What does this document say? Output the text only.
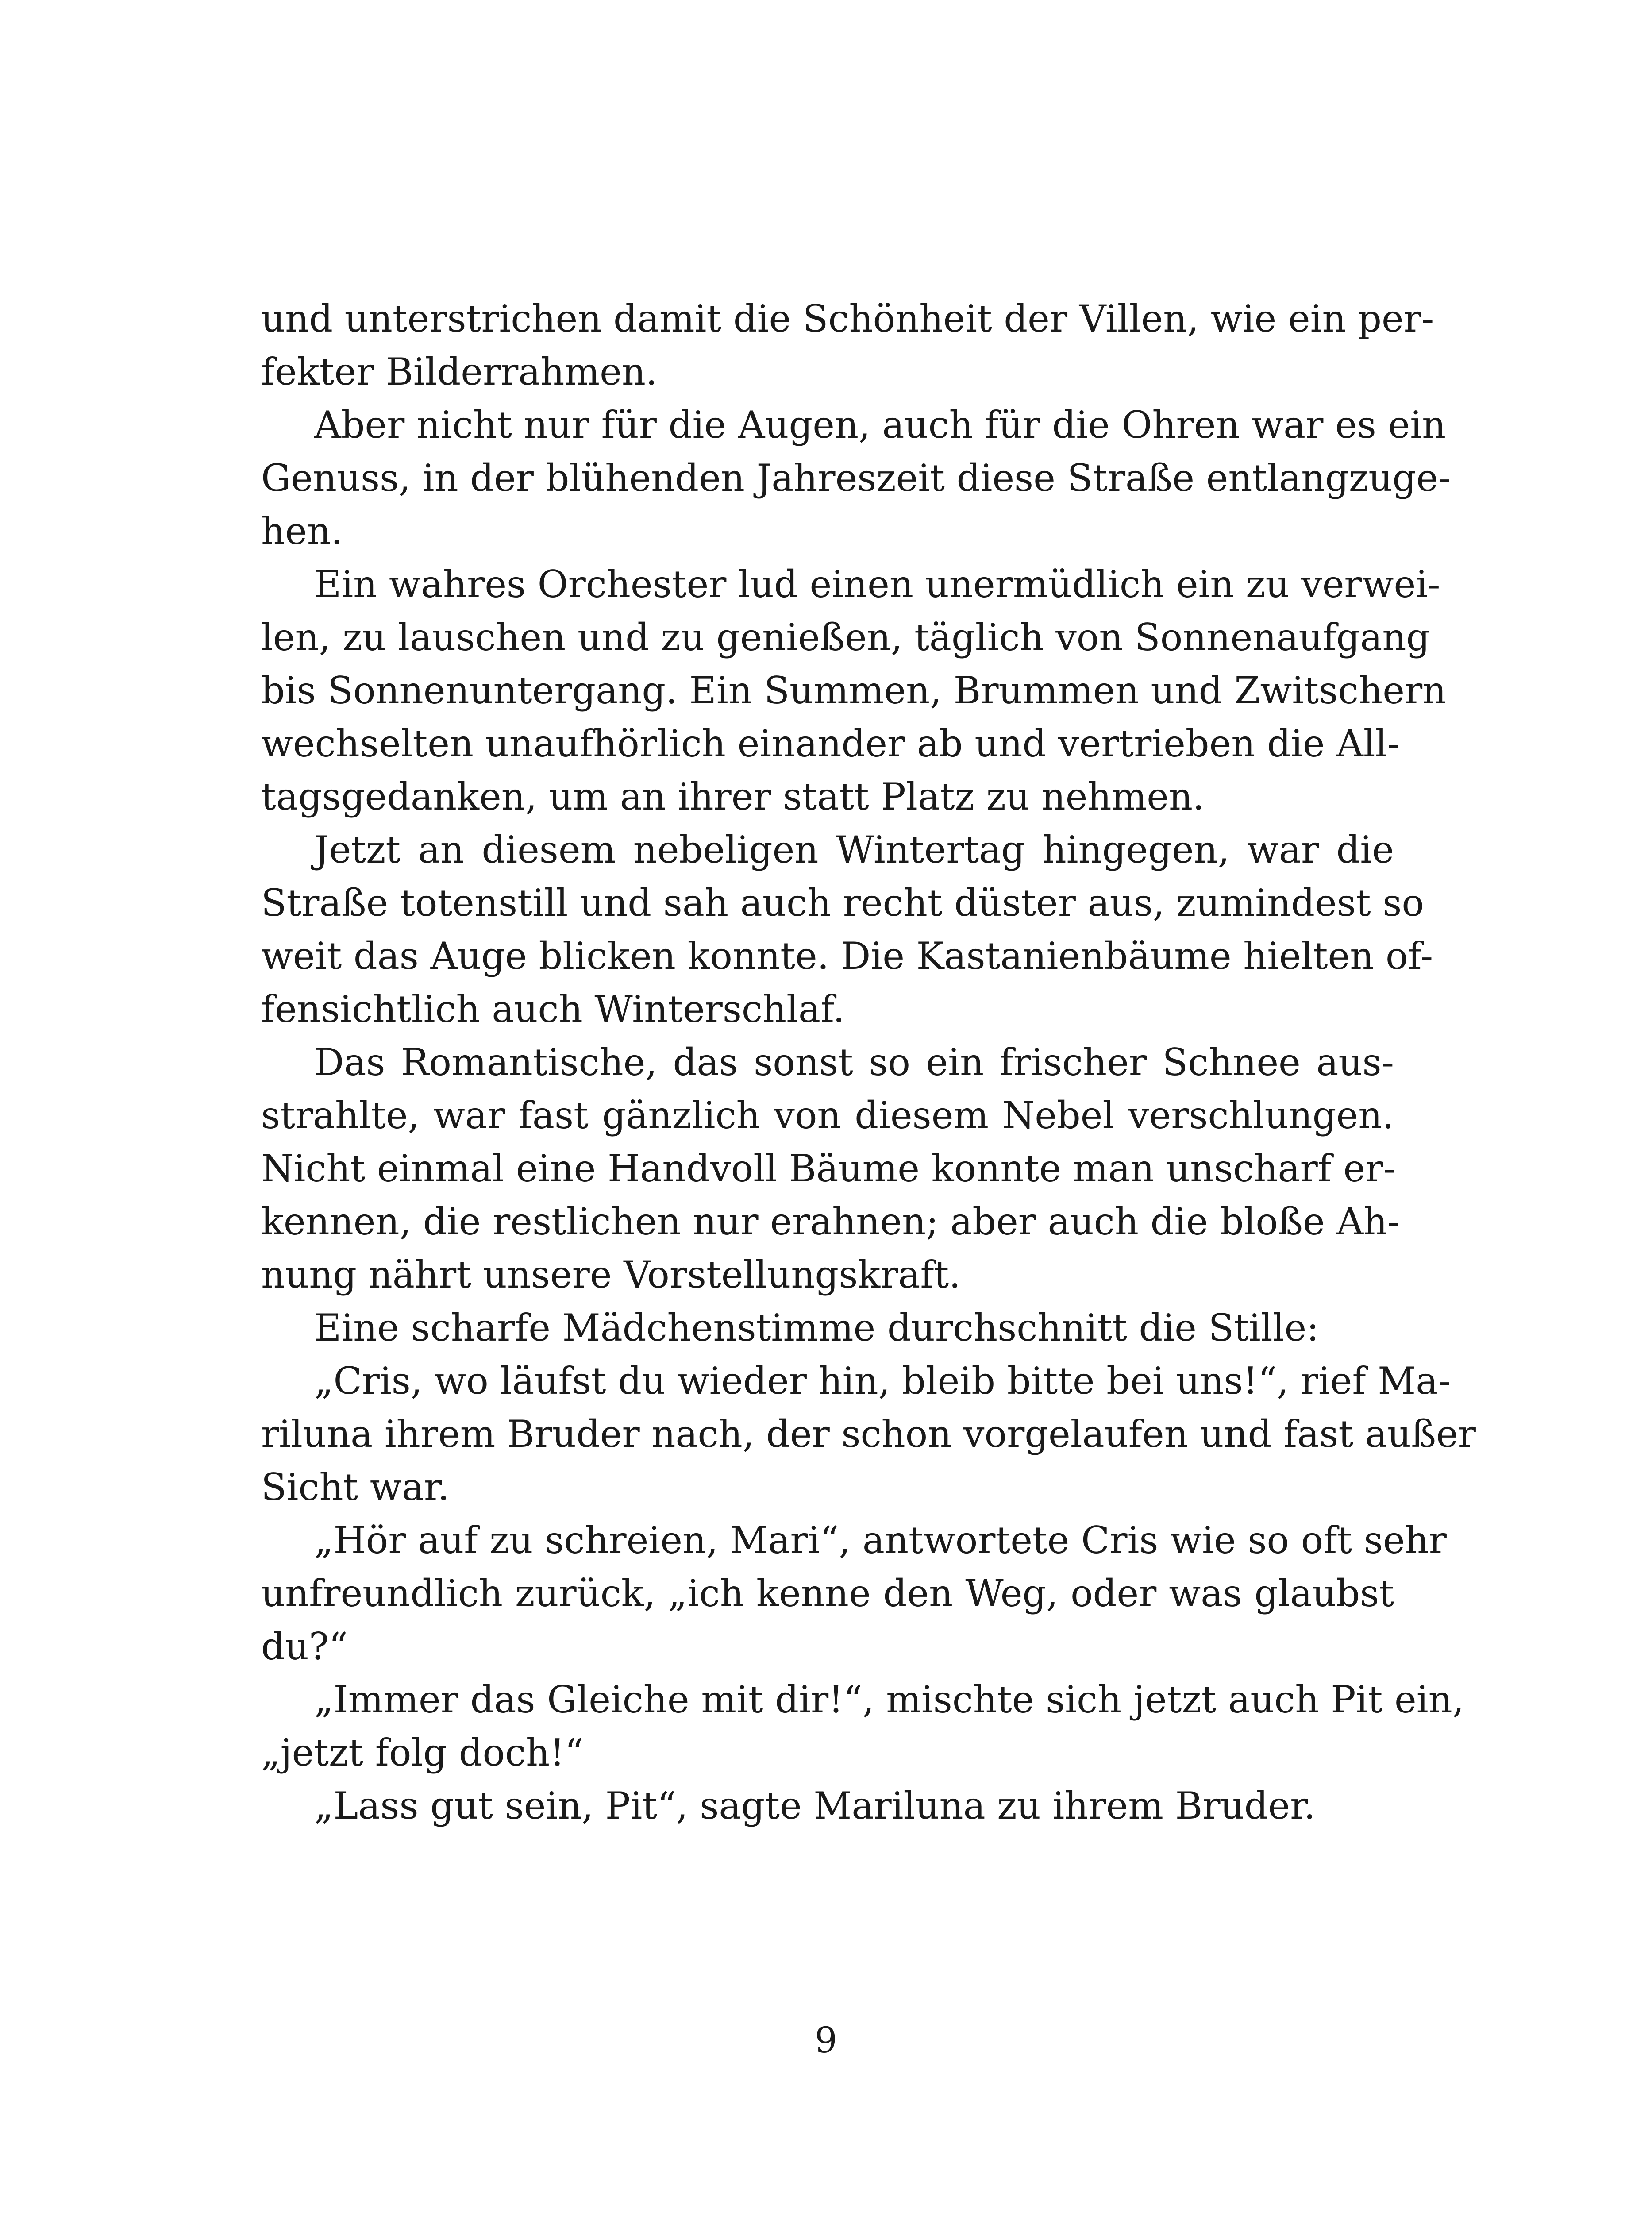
und unterstrichen damit die Schönheit der Villen, wie ein per-
fekter Bilderrahmen.
Aber nicht nur für die Augen, auch für die Ohren war es ein
Genuss, in der blühenden Jahreszeit diese Straße entlangzuge-
hen.
Ein wahres Orchester lud einen unermüdlich ein zu verwei-
len, zu lauschen und zu genießen, täglich von Sonnenaufgang
bis Sonnenuntergang. Ein Summen, Brummen und Zwitschern
wechselten unaufhörlich einander ab und vertrieben die All-
tagsgedanken, um an ihrer statt Platz zu nehmen.
Jetzt an diesem nebeligen Wintertag hingegen, war die
Straße totenstill und sah auch recht düster aus, zumindest so
weit das Auge blicken konnte. Die Kastanienbäume hielten of-
fensichtlich auch Winterschlaf.
Das Romantische, das sonst so ein frischer Schnee aus-
strahlte, war fast gänzlich von diesem Nebel verschlungen.
Nicht einmal eine Handvoll Bäume konnte man unscharf er-
kennen, die restlichen nur erahnen; aber auch die bloße Ah-
nung nährt unsere Vorstellungskraft.
Eine scharfe Mädchenstimme durchschnitt die Stille:
„Cris, wo läufst du wieder hin, bleib bitte bei uns!“, rief Ma-
riluna ihrem Bruder nach, der schon vorgelaufen und fast außer
Sicht war.
„Hör auf zu schreien, Mari“, antwortete Cris wie so oft sehr
unfreundlich zurück, „ich kenne den Weg, oder was glaubst
du?“
„Immer das Gleiche mit dir!“, mischte sich jetzt auch Pit ein,
„jetzt folg doch!“
„Lass gut sein, Pit“, sagte Mariluna zu ihrem Bruder.
9
